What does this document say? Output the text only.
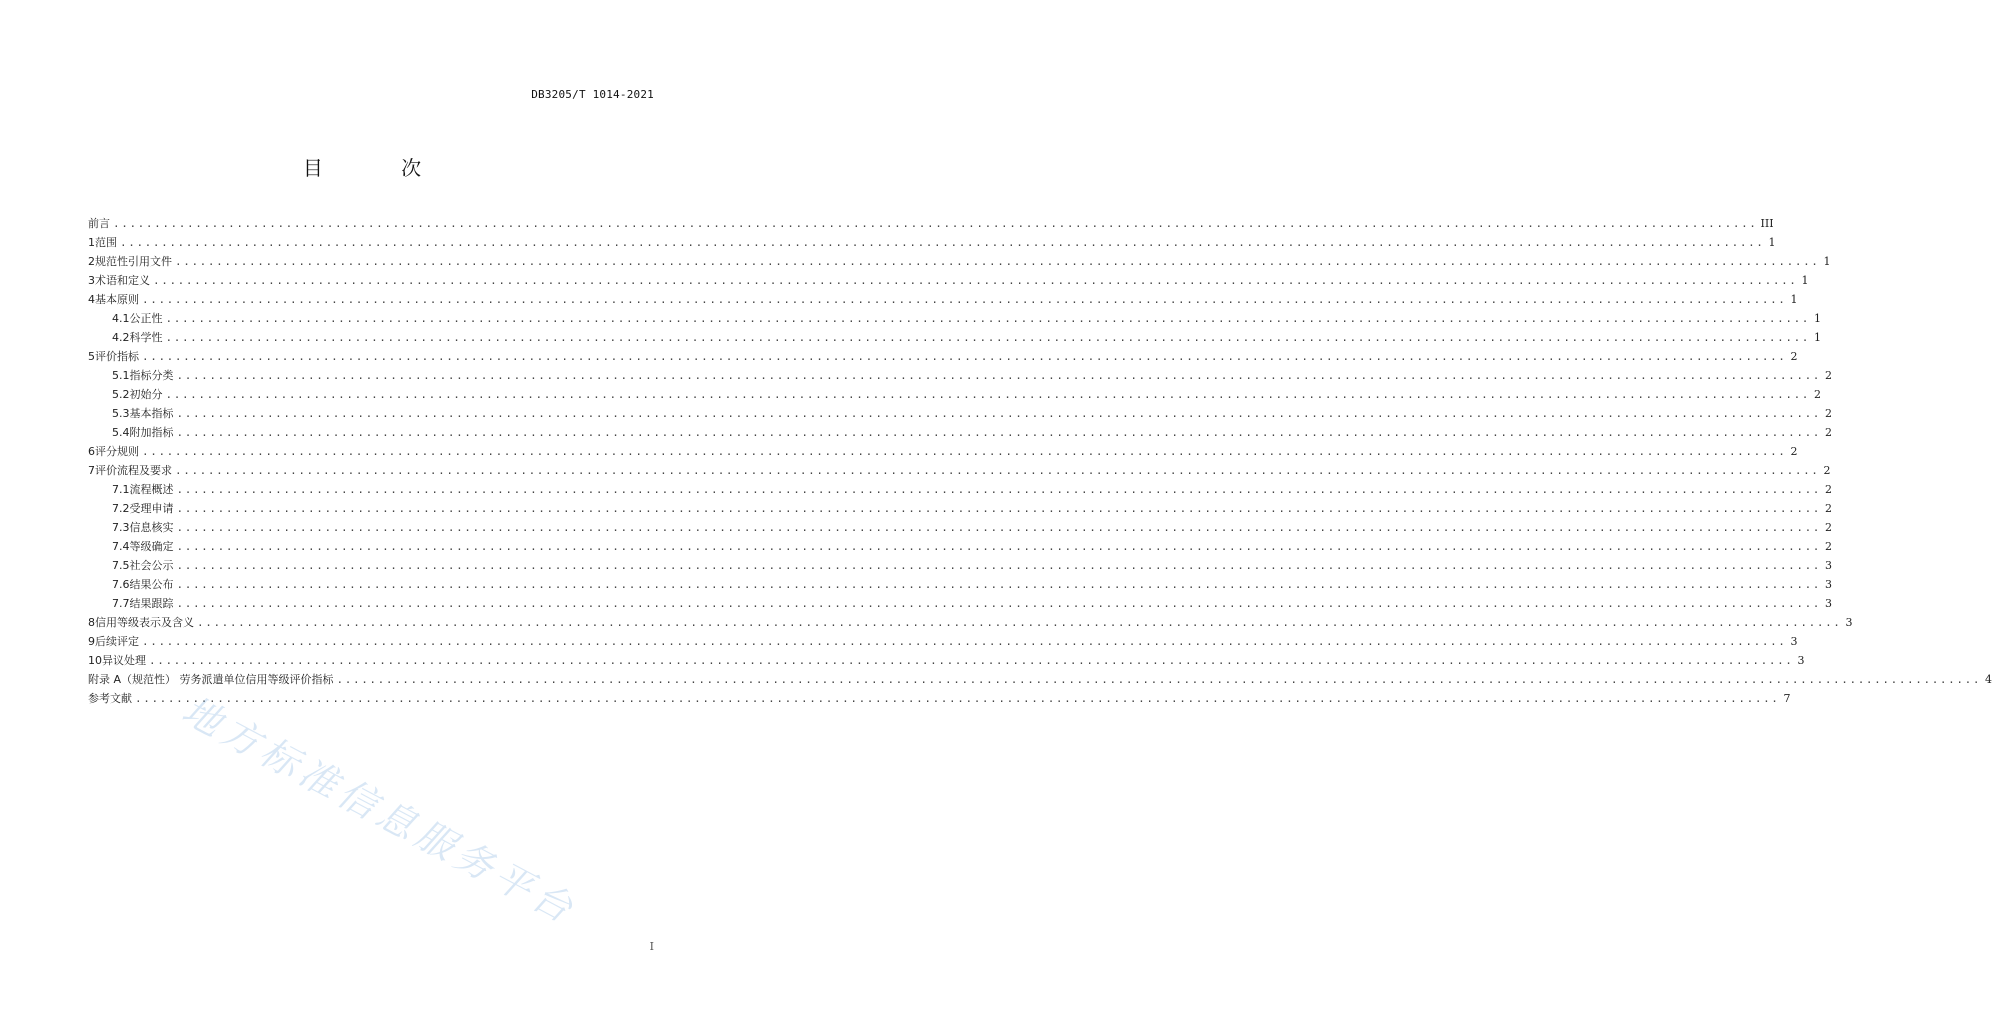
DB3205/T 1014-2021
目 次
前言 ........................................................................................................................................................................................................ III
1 范围 ........................................................................................................................................................................................................ 1
2 规范性引用文件 ........................................................................................................................................................................................................ 1
3 术语和定义 ........................................................................................................................................................................................................ 1
4 基本原则 ........................................................................................................................................................................................................ 1
4.1 公正性 ........................................................................................................................................................................................................ 1
4.2 科学性 ........................................................................................................................................................................................................ 1
5 评价指标 ........................................................................................................................................................................................................ 2
5.1 指标分类 ........................................................................................................................................................................................................ 2
5.2 初始分 ........................................................................................................................................................................................................ 2
5.3 基本指标 ........................................................................................................................................................................................................ 2
5.4 附加指标 ........................................................................................................................................................................................................ 2
6 评分规则 ........................................................................................................................................................................................................ 2
7 评价流程及要求 ........................................................................................................................................................................................................ 2
7.1 流程概述 ........................................................................................................................................................................................................ 2
7.2 受理申请 ........................................................................................................................................................................................................ 2
7.3 信息核实 ........................................................................................................................................................................................................ 2
7.4 等级确定 ........................................................................................................................................................................................................ 2
7.5 社会公示 ........................................................................................................................................................................................................ 3
7.6 结果公布 ........................................................................................................................................................................................................ 3
7.7 结果跟踪 ........................................................................................................................................................................................................ 3
8 信用等级表示及含义 ........................................................................................................................................................................................................ 3
9 后续评定 ........................................................................................................................................................................................................ 3
10 异议处理 ........................................................................................................................................................................................................ 3
附录 A（规范性） 劳务派遣单位信用等级评价指标 ........................................................................................................................................................................................................ 4
参考文献 ........................................................................................................................................................................................................ 7
地方标准信息服务平台
I
